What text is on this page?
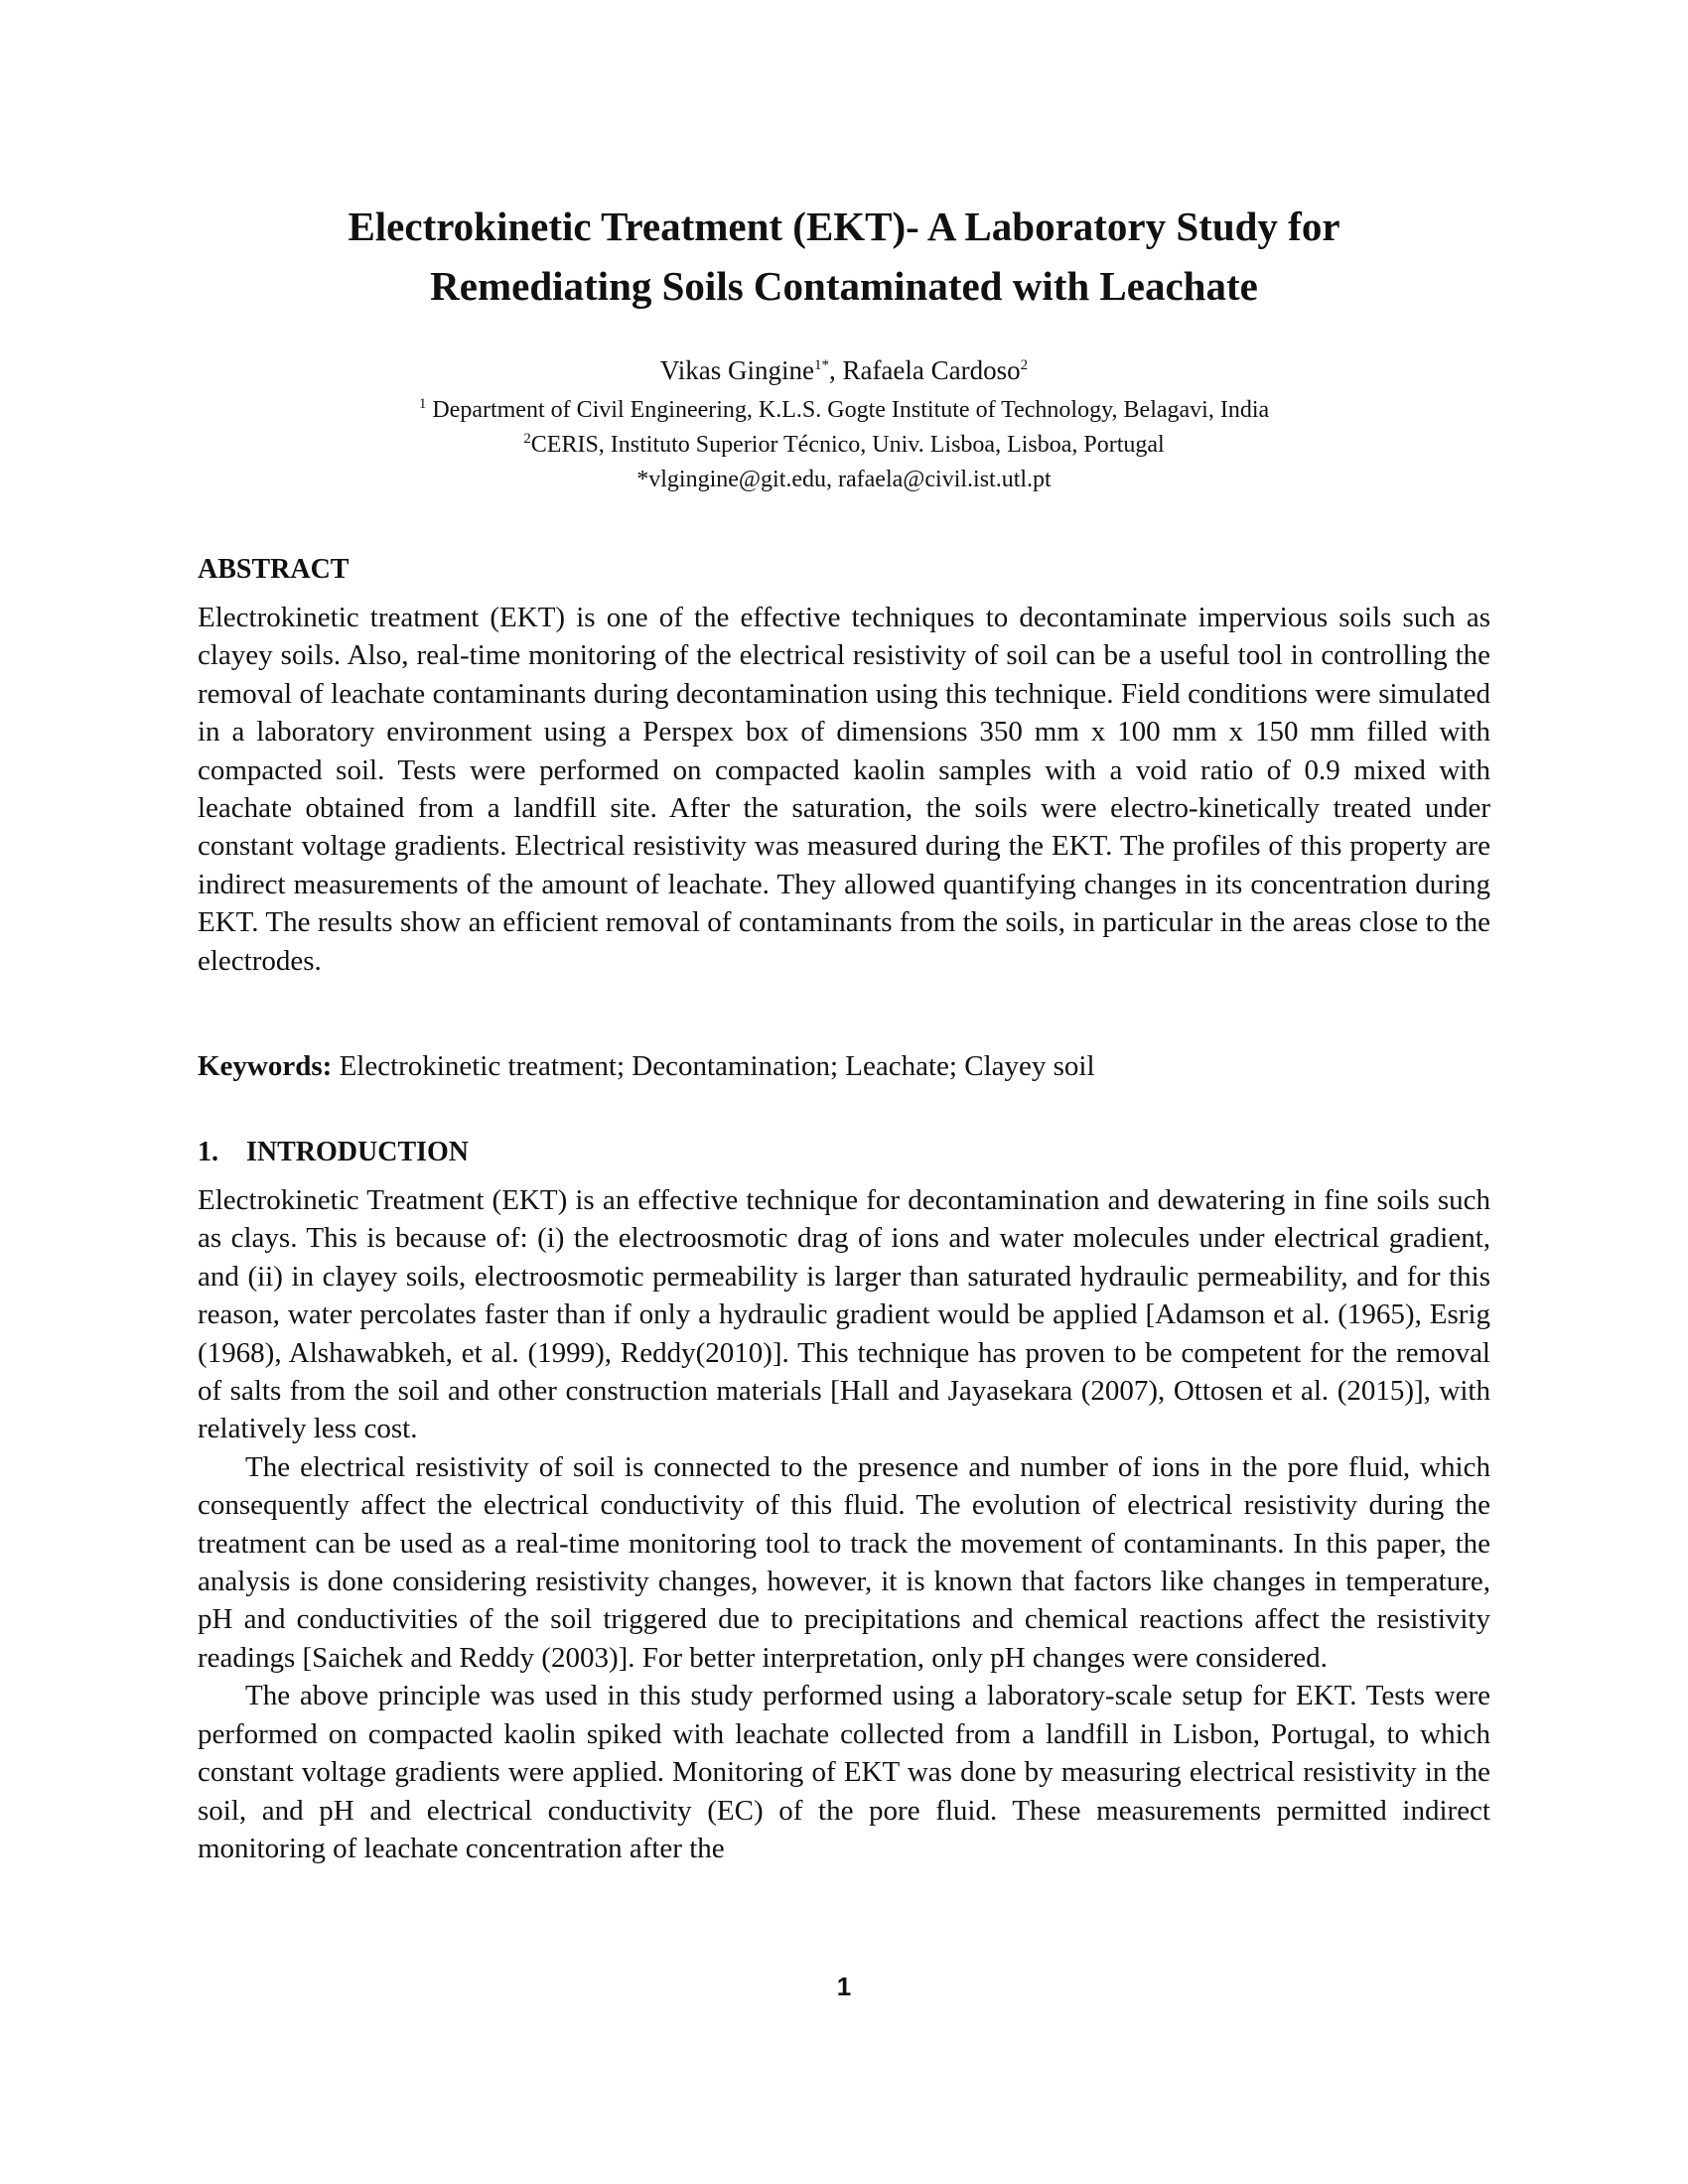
Electrokinetic Treatment (EKT)- A Laboratory Study for
Remediating Soils Contaminated with Leachate
Vikas Gingine$^{1*}$, Rafaela Cardoso$^2$
$^1$ Department of Civil Engineering, K.L.S. Gogte Institute of Technology, Belagavi, India
$^2$CERIS, Instituto Superior Técnico, Univ. Lisboa, Lisboa, Portugal
*vlgingine@git.edu, rafaela@civil.ist.utl.pt
ABSTRACT

Electrokinetic treatment (EKT) is one of the effective techniques to decontaminate impervious soils such as clayey soils. Also, real-time monitoring of the electrical resistivity of soil can be a useful tool in controlling the removal of leachate contaminants during decontamination using this technique. Field conditions were simulated in a laboratory environment using a Perspex box of dimensions 350 mm x 100 mm x 150 mm filled with compacted soil. Tests were performed on compacted kaolin samples with a void ratio of 0.9 mixed with leachate obtained from a landfill site. After the saturation, the soils were electro-kinetically treated under constant voltage gradients. Electrical resistivity was measured during the EKT. The profiles of this property are indirect measurements of the amount of leachate. They allowed quantifying changes in its concentration during EKT. The results show an efficient removal of contaminants from the soils, in particular in the areas close to the electrodes.

Keywords: Electrokinetic treatment; Decontamination; Leachate; Clayey soil

1.    INTRODUCTION

Electrokinetic Treatment (EKT) is an effective technique for decontamination and dewatering in fine soils such as clays. This is because of: (i) the electroosmotic drag of ions and water molecules under electrical gradient, and (ii) in clayey soils, electroosmotic permeability is larger than saturated hydraulic permeability, and for this reason, water percolates faster than if only a hydraulic gradient would be applied [Adamson et al. (1965), Esrig (1968), Alshawabkeh, et al. (1999), Reddy(2010)]. This technique has proven to be competent for the removal of salts from the soil and other construction materials [Hall and Jayasekara (2007), Ottosen et al. (2015)], with relatively less cost.

The electrical resistivity of soil is connected to the presence and number of ions in the pore fluid, which consequently affect the electrical conductivity of this fluid. The evolution of electrical resistivity during the treatment can be used as a real-time monitoring tool to track the movement of contaminants. In this paper, the analysis is done considering resistivity changes, however, it is known that factors like changes in temperature, pH and conductivities of the soil triggered due to precipitations and chemical reactions affect the resistivity readings [Saichek and Reddy (2003)]. For better interpretation, only pH changes were considered.

The above principle was used in this study performed using a laboratory-scale setup for EKT. Tests were performed on compacted kaolin spiked with leachate collected from a landfill in Lisbon, Portugal, to which constant voltage gradients were applied. Monitoring of EKT was done by measuring electrical resistivity in the soil, and pH and electrical conductivity (EC) of the pore fluid. These measurements permitted indirect monitoring of leachate concentration after the

1
